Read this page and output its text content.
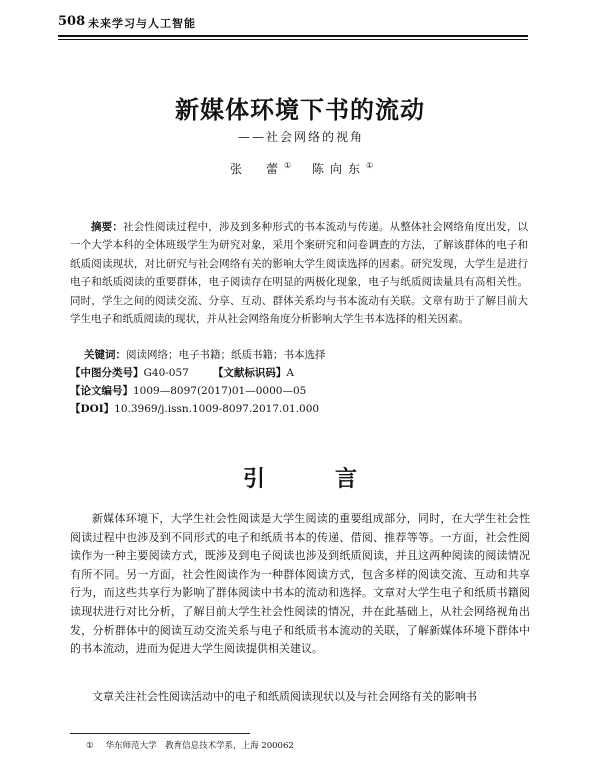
508 未来学习与人工智能
新媒体环境下书的流动
——社会网络的视角
张　蕾① 陈向东①
摘要：社会性阅读过程中，涉及到多种形式的书本流动与传递。从整体社会网络角度出发，以一个大学本科的全体班级学生为研究对象，采用个案研究和问卷调查的方法，了解该群体的电子和纸质阅读现状，对比研究与社会网络有关的影响大学生阅读选择的因素。研究发现，大学生是进行电子和纸质阅读的重要群体，电子阅读存在明显的两极化现象，电子与纸质阅读量具有高相关性。同时，学生之间的阅读交流、分享、互动、群体关系均与书本流动有关联。文章有助于了解目前大学生电子和纸质阅读的现状，并从社会网络角度分析影响大学生书本选择的相关因素。
关键词：阅读网络；电子书籍；纸质书籍；书本选择
【中图分类号】G40-057 【文献标识码】A
【论文编号】1009—8097(2017)01—0000—05
【DOI】10.3969/j.issn.1009-8097.2017.01.000
引　言
新媒体环境下，大学生社会性阅读是大学生阅读的重要组成部分，同时，在大学生社会性阅读过程中也涉及到不同形式的电子和纸质书本的传递、借阅、推荐等等。一方面，社会性阅读作为一种主要阅读方式，既涉及到电子阅读也涉及到纸质阅读，并且这两种阅读的阅读情况有所不同。另一方面，社会性阅读作为一种群体阅读方式，包含多样的阅读交流、互动和共享行为，而这些共享行为影响了群体阅读中书本的流动和选择。文章对大学生电子和纸质书籍阅读现状进行对比分析，了解目前大学生社会性阅读的情况，并在此基础上，从社会网络视角出发，分析群体中的阅读互动交流关系与电子和纸质书本流动的关联，了解新媒体环境下群体中的书本流动，进而为促进大学生阅读提供相关建议。
文章关注社会性阅读活动中的电子和纸质阅读现状以及与社会网络有关的影响书
① 华东师范大学　教育信息技术学系，上海 200062
